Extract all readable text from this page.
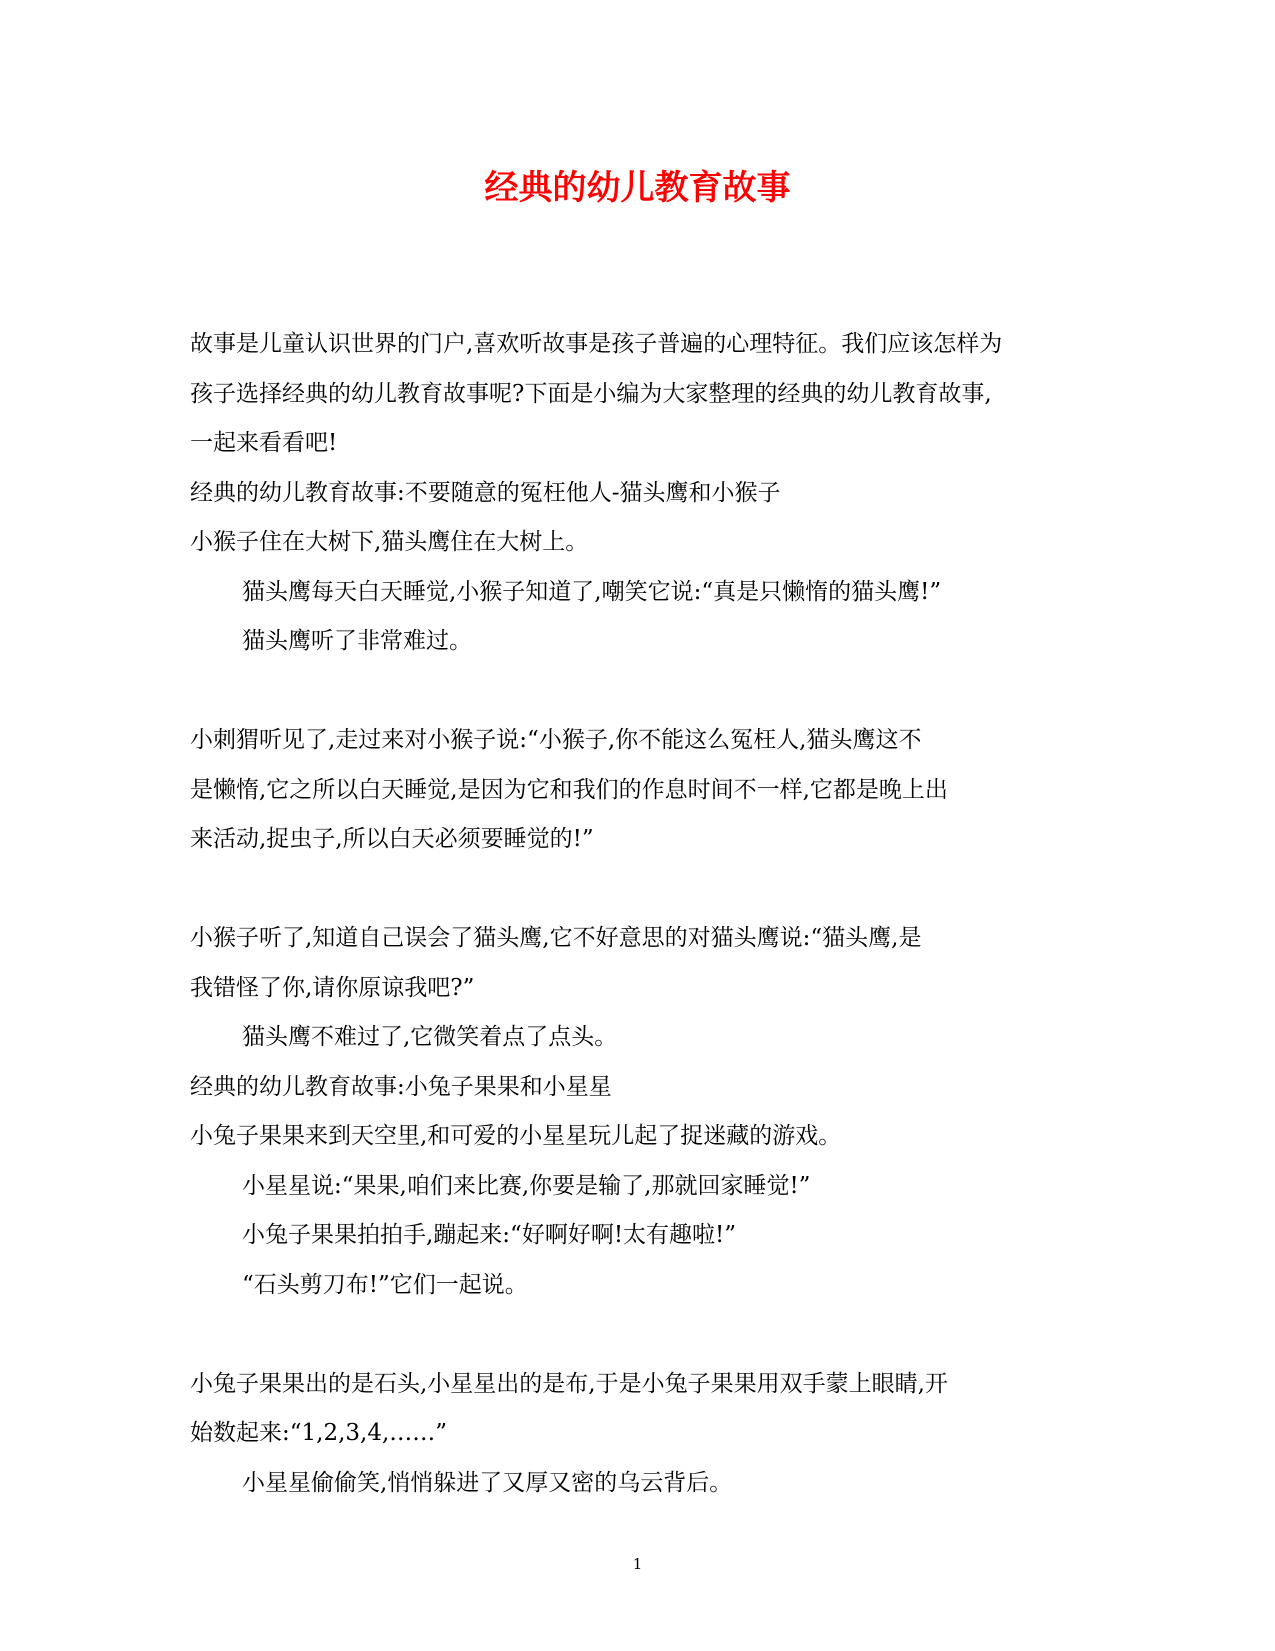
经典的幼儿教育故事
故事是儿童认识世界的门户,喜欢听故事是孩子普遍的心理特征。我们应该怎样为
孩子选择经典的幼儿教育故事呢?下面是小编为大家整理的经典的幼儿教育故事,
一起来看看吧!
经典的幼儿教育故事:不要随意的冤枉他人-猫头鹰和小猴子
小猴子住在大树下,猫头鹰住在大树上。
猫头鹰每天白天睡觉,小猴子知道了,嘲笑它说:“真是只懒惰的猫头鹰!”
猫头鹰听了非常难过。
小刺猬听见了,走过来对小猴子说:“小猴子,你不能这么冤枉人,猫头鹰这不
是懒惰,它之所以白天睡觉,是因为它和我们的作息时间不一样,它都是晚上出
来活动,捉虫子,所以白天必须要睡觉的!”
小猴子听了,知道自己误会了猫头鹰,它不好意思的对猫头鹰说:“猫头鹰,是
我错怪了你,请你原谅我吧?”
猫头鹰不难过了,它微笑着点了点头。
经典的幼儿教育故事:小兔子果果和小星星
小兔子果果来到天空里,和可爱的小星星玩儿起了捉迷藏的游戏。
小星星说:“果果,咱们来比赛,你要是输了,那就回家睡觉!”
小兔子果果拍拍手,蹦起来:“好啊好啊!太有趣啦!”
“石头剪刀布!”它们一起说。
小兔子果果出的是石头,小星星出的是布,于是小兔子果果用双手蒙上眼睛,开
始数起来:“1,2,3,4,……”
小星星偷偷笑,悄悄躲进了又厚又密的乌云背后。
1
